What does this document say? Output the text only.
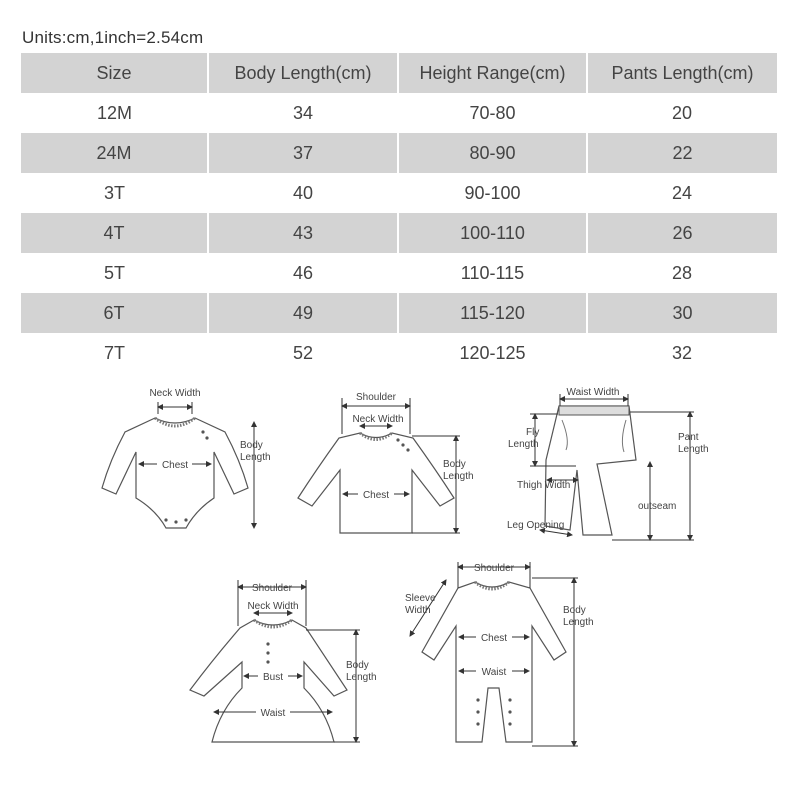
Units:cm,1inch=2.54cm
Size	Body Length(cm)	Height Range(cm)	Pants Length(cm)
12M	34	70-80	20
24M	37	80-90	22
3T	40	90-100	24
4T	43	100-110	26
5T	46	110-115	28
6T	49	115-120	30
7T	52	120-125	32
Neck Width
Chest
Body
Length
Shoulder
Neck Width
Chest
Body
Length
Waist Width
Fly
Length
Thigh Width
Leg Opening
outseam
Pant
Length
Shoulder
Neck Width
Bust
Waist
Body
Length
Shoulder
Sleeve
Width
Chest
Waist
Body
Length
